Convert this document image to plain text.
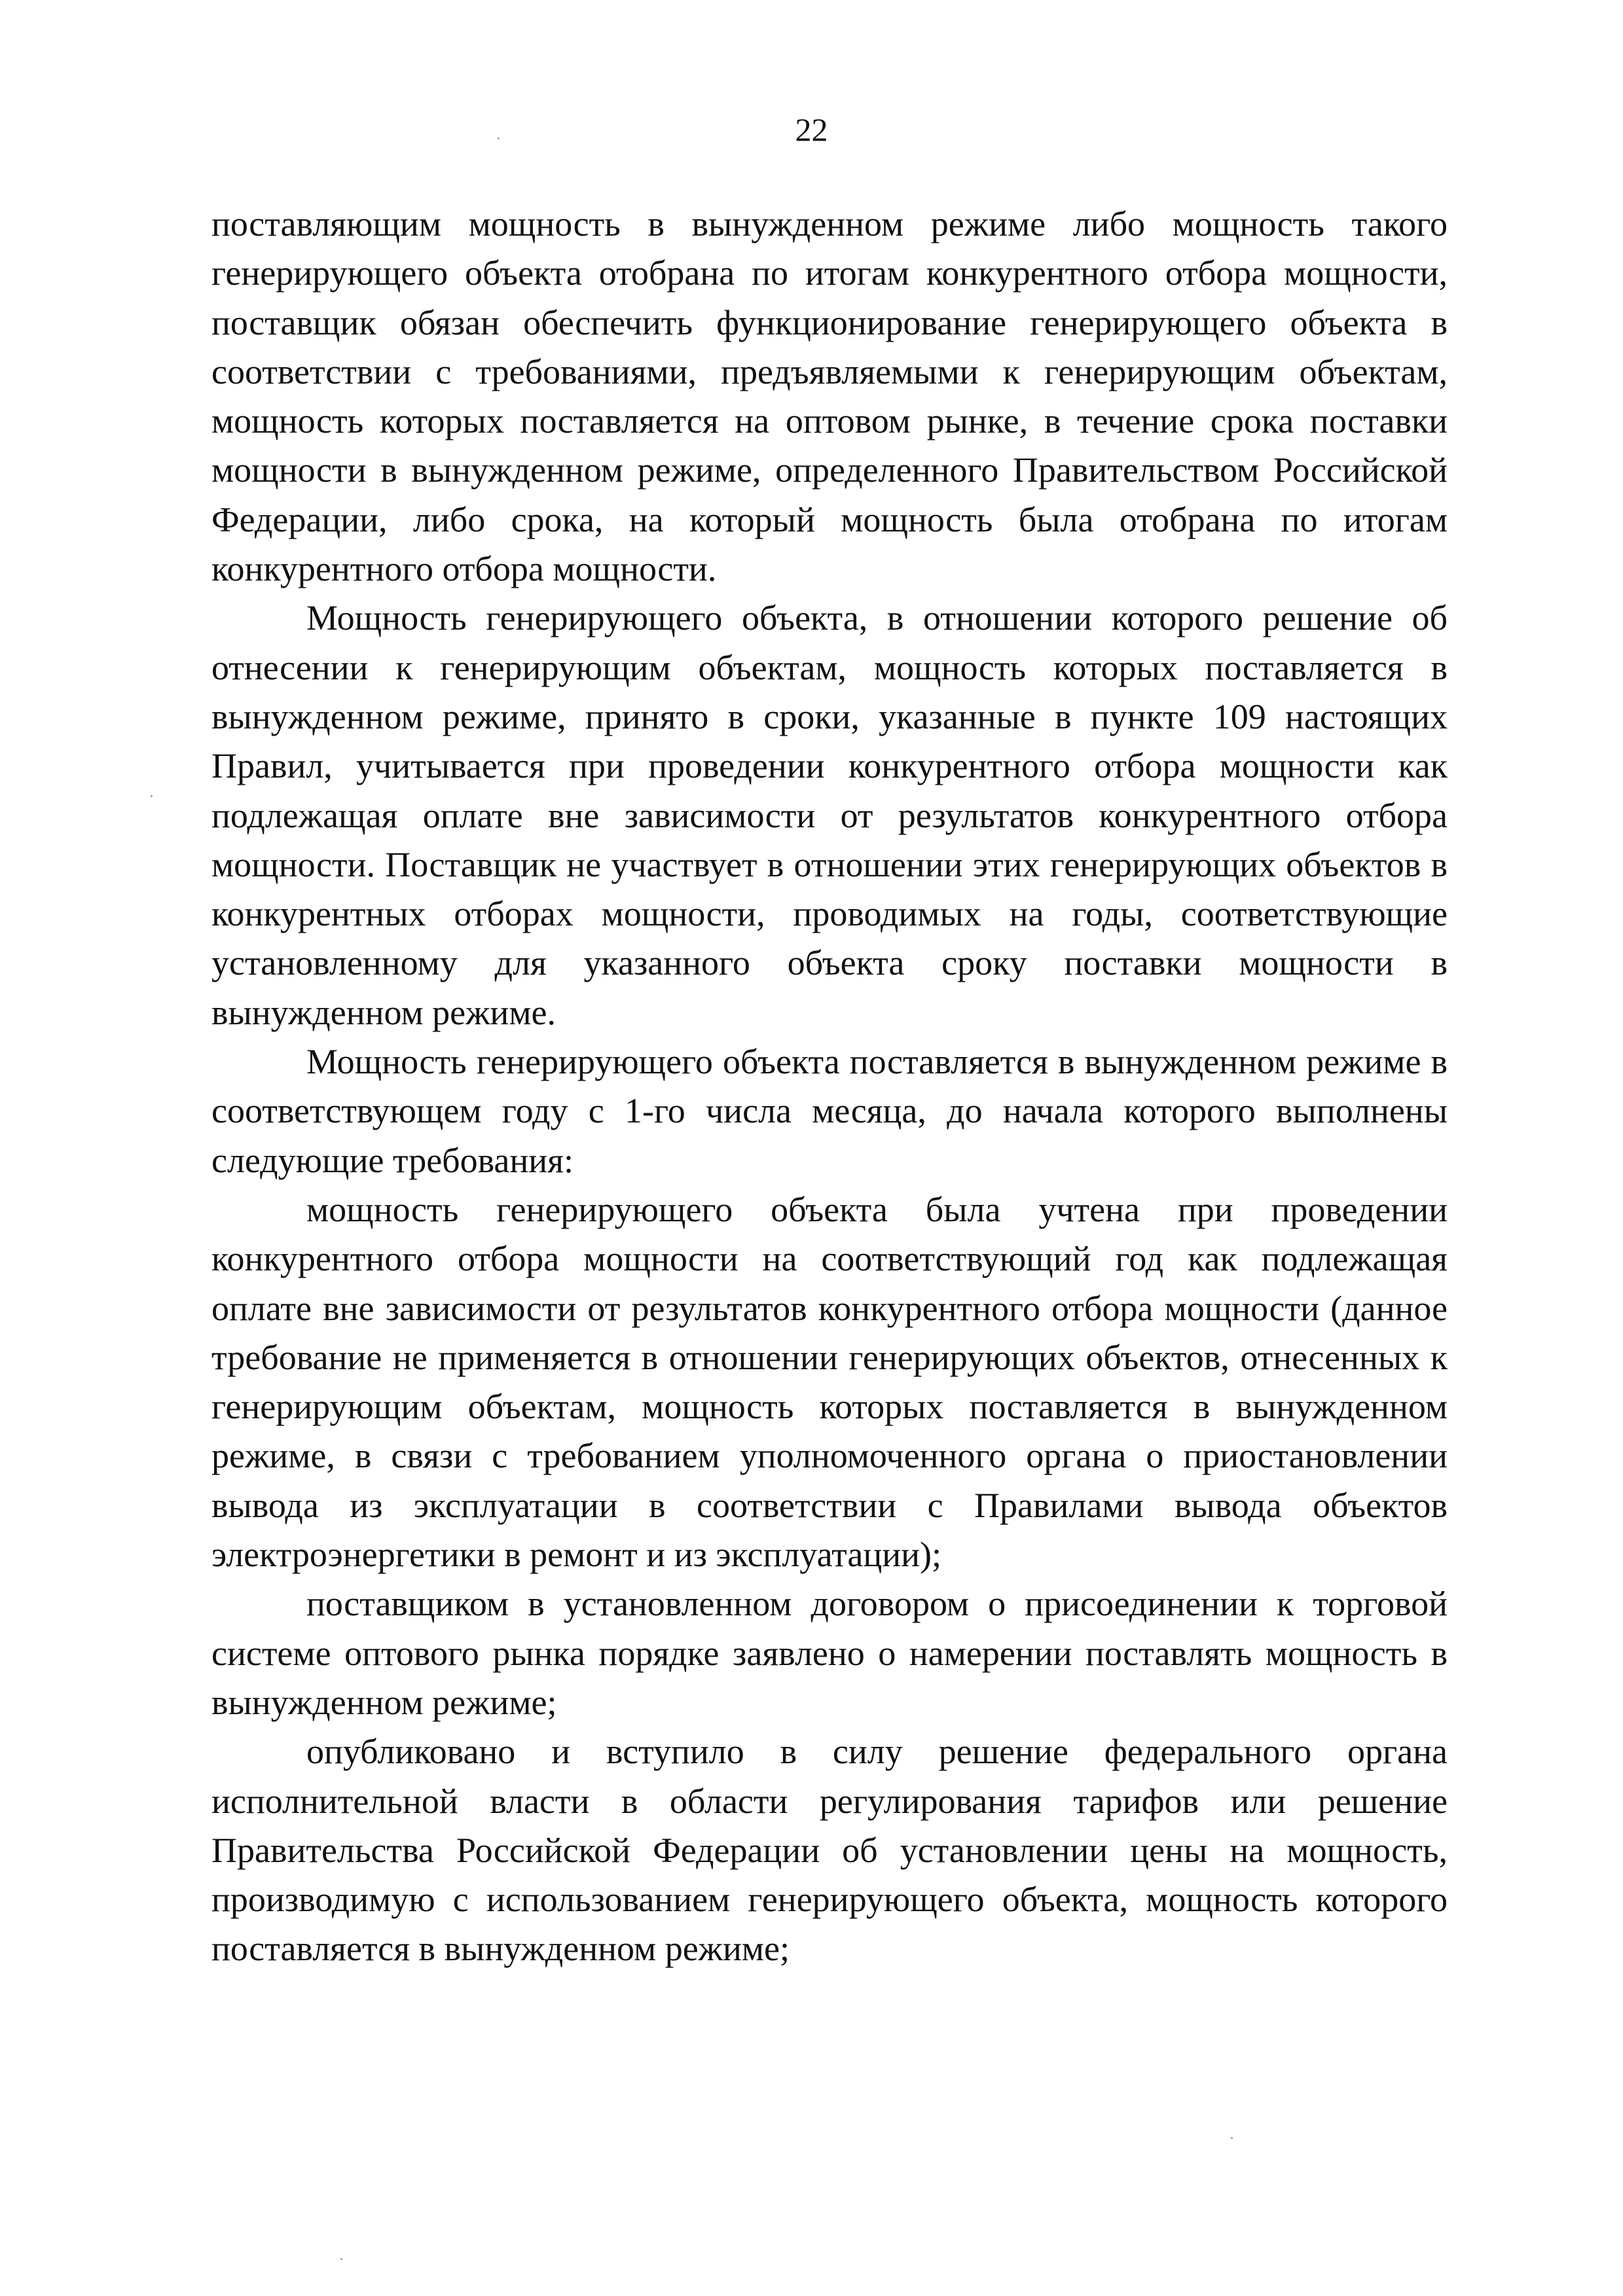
22

поставляющим мощность в вынужденном режиме либо мощность такого генерирующего объекта отобрана по итогам конкурентного отбора мощности, поставщик обязан обеспечить функционирование генерирующего объекта в соответствии с требованиями, предъявляемыми к генерирующим объектам, мощность которых поставляется на оптовом рынке, в течение срока поставки мощности в вынужденном режиме, определенного Правительством Российской Федерации, либо срока, на который мощность была отобрана по итогам конкурентного отбора мощности.

Мощность генерирующего объекта, в отношении которого решение об отнесении к генерирующим объектам, мощность которых поставляется в вынужденном режиме, принято в сроки, указанные в пункте 109 настоящих Правил, учитывается при проведении конкурентного отбора мощности как подлежащая оплате вне зависимости от результатов конкурентного отбора мощности. Поставщик не участвует в отношении этих генерирующих объектов в конкурентных отборах мощности, проводимых на годы, соответствующие установленному для указанного объекта сроку поставки мощности в вынужденном режиме.

Мощность генерирующего объекта поставляется в вынужденном режиме в соответствующем году с 1-го числа месяца, до начала которого выполнены следующие требования:

мощность генерирующего объекта была учтена при проведении конкурентного отбора мощности на соответствующий год как подлежащая оплате вне зависимости от результатов конкурентного отбора мощности (данное требование не применяется в отношении генерирующих объектов, отнесенных к генерирующим объектам, мощность которых поставляется в вынужденном режиме, в связи с требованием уполномоченного органа о приостановлении вывода из эксплуатации в соответствии с Правилами вывода объектов электроэнергетики в ремонт и из эксплуатации);

поставщиком в установленном договором о присоединении к торговой системе оптового рынка порядке заявлено о намерении поставлять мощность в вынужденном режиме;

опубликовано и вступило в силу решение федерального органа исполнительной власти в области регулирования тарифов или решение Правительства Российской Федерации об установлении цены на мощность, производимую с использованием генерирующего объекта, мощность которого поставляется в вынужденном режиме;
